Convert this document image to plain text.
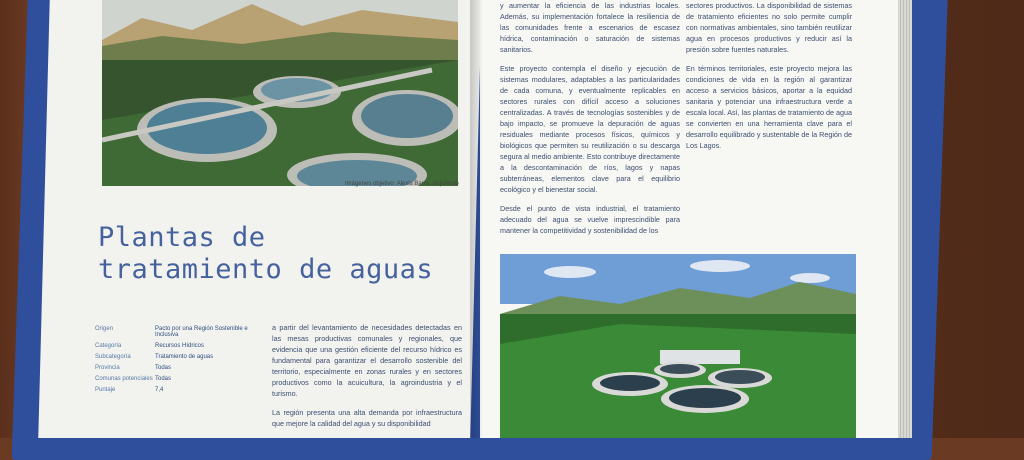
Imágenes objetivo: Alexis Barra, arquitecto
Plantas de
tratamiento de aguas
Origen	Pacto por una Región Sostenible e Inclusiva
Categoría	Recursos Hídricos
Subcategoría	Tratamiento de aguas
Provincia	Todas
Comunas potenciales Todas
Puntaje	7,4

a partir del levantamiento de necesidades detectadas en las mesas productivas comunales y regionales, que evidencia que una gestión eficiente del recurso hídrico es fundamental para garantizar el desarrollo sostenible del territorio, especialmente en zonas rurales y en sectores productivos como la acuicultura, la agroindustria y el turismo.

La región presenta una alta demanda por infraestructura que mejore la calidad del agua y su disponibilidad

y aumentar la eficiencia de las industrias locales. Además, su implementación fortalece la resiliencia de las comunidades frente a escenarios de escasez hídrica, contaminación o saturación de sistemas sanitarios.

Este proyecto contempla el diseño y ejecución de sistemas modulares, adaptables a las particularidades de cada comuna, y eventualmente replicables en sectores rurales con difícil acceso a soluciones centralizadas. A través de tecnologías sostenibles y de bajo impacto, se promueve la depuración de aguas residuales mediante procesos físicos, químicos y biológicos que permiten su reutilización o su descarga segura al medio ambiente. Esto contribuye directamente a la descontaminación de ríos, lagos y napas subterráneas, elementos clave para el equilibrio ecológico y el bienestar social.

Desde el punto de vista industrial, el tratamiento adecuado del agua se vuelve imprescindible para mantener la competitividad y sostenibilidad de los

sectores productivos. La disponibilidad de sistemas de tratamiento eficientes no solo permite cumplir con normativas ambientales, sino también reutilizar agua en procesos productivos y reducir así la presión sobre fuentes naturales.

En términos territoriales, este proyecto mejora las condiciones de vida en la región al garantizar acceso a servicios básicos, aportar a la equidad sanitaria y potenciar una infraestructura verde a escala local. Así, las plantas de tratamiento de agua se convierten en una herramienta clave para el desarrollo equilibrado y sustentable de la Región de Los Lagos.
